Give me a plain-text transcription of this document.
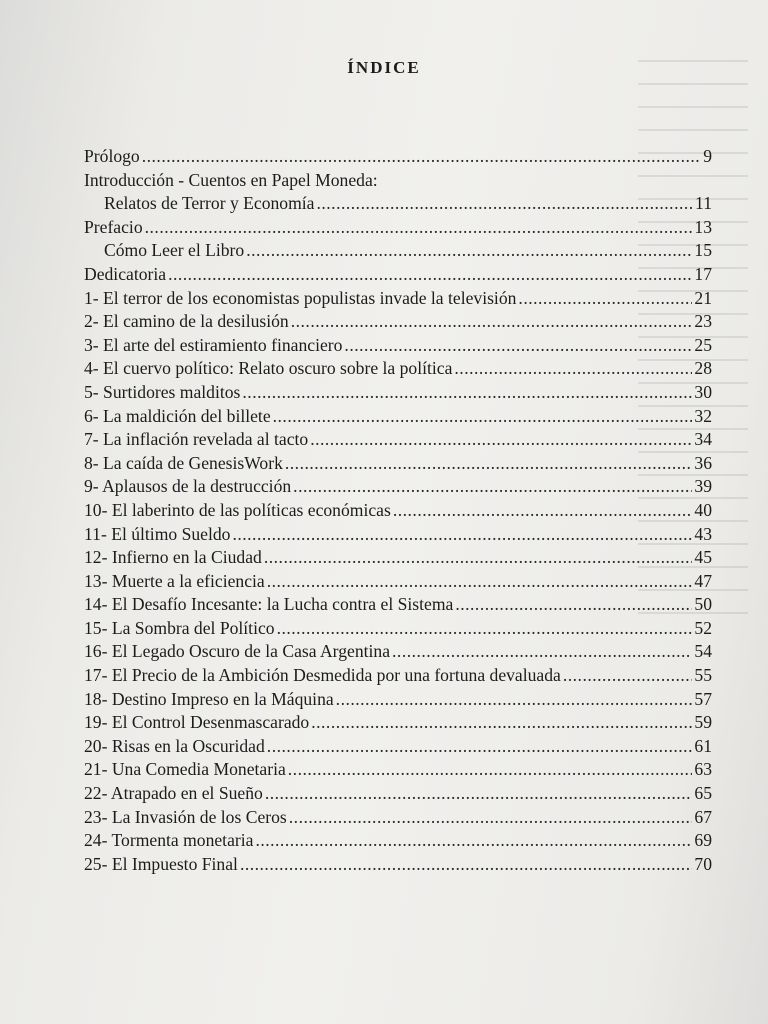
ÍNDICE
Prólogo .....	9
Introducción - Cuentos en Papel Moneda:
Relatos de Terror y Economía .....	11
Prefacio .....	13
Cómo Leer el Libro .....	15
Dedicatoria .....	17
1- El terror de los economistas populistas invade la televisión .....	21
2- El camino de la desilusión .....	23
3- El arte del estiramiento financiero .....	25
4- El cuervo político: Relato oscuro sobre la política .....	28
5- Surtidores malditos .....	30
6- La maldición del billete .....	32
7- La inflación revelada al tacto .....	34
8- La caída de GenesisWork .....	36
9- Aplausos de la destrucción .....	39
10- El laberinto de las políticas económicas .....	40
11- El último Sueldo .....	43
12- Infierno en la Ciudad .....	45
13- Muerte a la eficiencia .....	47
14- El Desafío Incesante: la Lucha contra el Sistema .....	50
15- La Sombra del Político .....	52
16- El Legado Oscuro de la Casa Argentina .....	54
17- El Precio de la Ambición Desmedida por una fortuna devaluada .....	55
18- Destino Impreso en la Máquina .....	57
19- El Control Desenmascarado .....	59
20- Risas en la Oscuridad .....	61
21- Una Comedia Monetaria .....	63
22- Atrapado en el Sueño .....	65
23- La Invasión de los Ceros .....	67
24- Tormenta monetaria .....	69
25- El Impuesto Final .....	70
